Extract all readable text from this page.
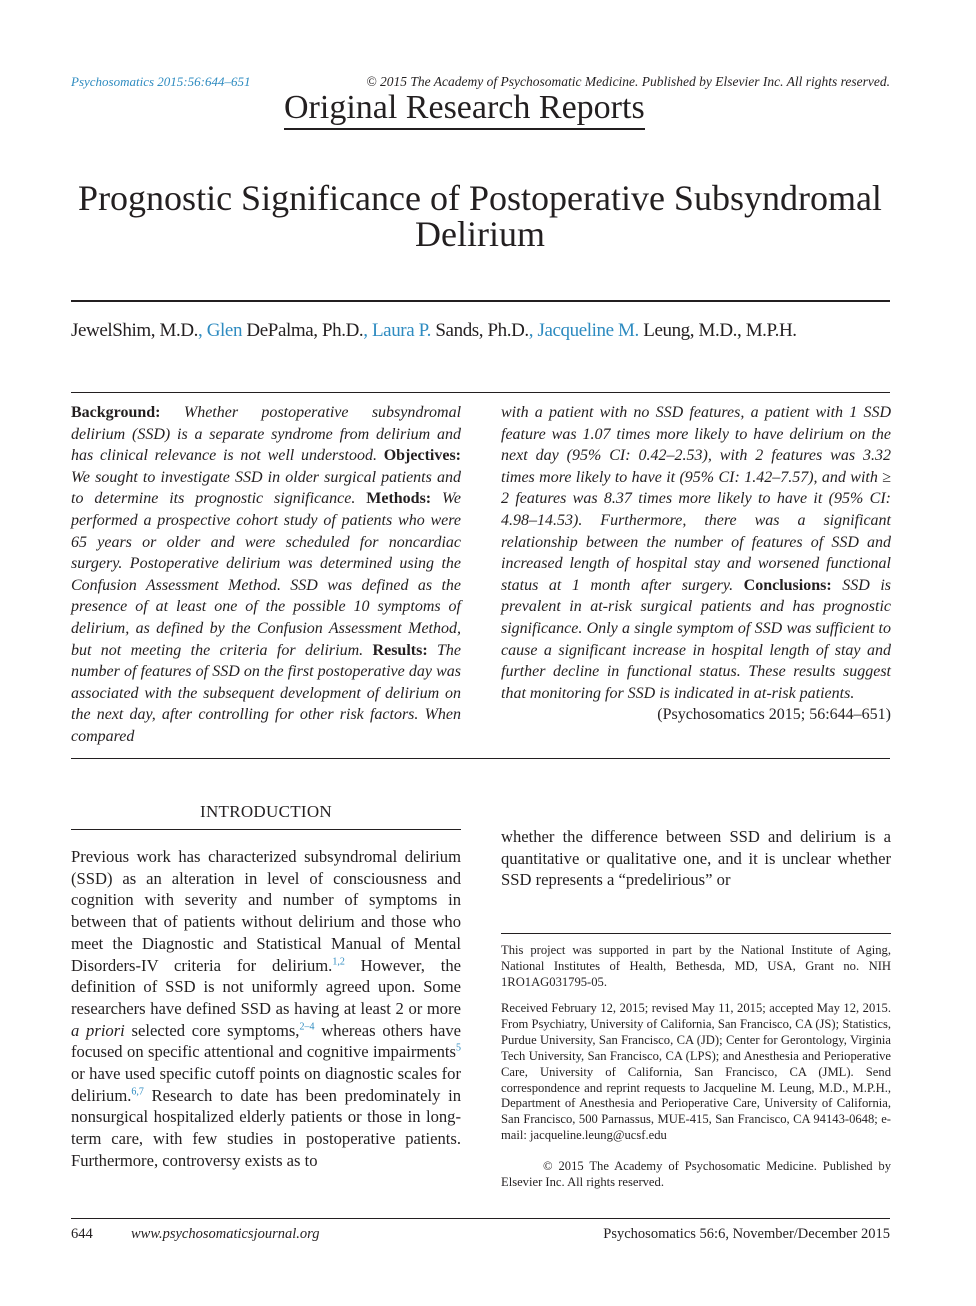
Psychosomatics 2015:56:644–651	© 2015 The Academy of Psychosomatic Medicine. Published by Elsevier Inc. All rights reserved.
Original Research Reports
Prognostic Significance of Postoperative Subsyndromal Delirium
JewelShim, M.D., Glen DePalma, Ph.D., Laura P. Sands, Ph.D., Jacqueline M. Leung, M.D., M.P.H.
Background: Whether postoperative subsyndromal delirium (SSD) is a separate syndrome from delirium and has clinical relevance is not well understood. Objectives: We sought to investigate SSD in older surgical patients and to determine its prognostic significance. Methods: We performed a prospective cohort study of patients who were 65 years or older and were scheduled for noncardiac surgery. Postoperative delirium was determined using the Confusion Assessment Method. SSD was defined as the presence of at least one of the possible 10 symptoms of delirium, as defined by the Confusion Assessment Method, but not meeting the criteria for delirium. Results: The number of features of SSD on the first postoperative day was associated with the subsequent development of delirium on the next day, after controlling for other risk factors. When compared
with a patient with no SSD features, a patient with 1 SSD feature was 1.07 times more likely to have delirium on the next day (95% CI: 0.42–2.53), with 2 features was 3.32 times more likely to have it (95% CI: 1.42–7.57), and with ≥ 2 features was 8.37 times more likely to have it (95% CI: 4.98–14.53). Furthermore, there was a significant relationship between the number of features of SSD and increased length of hospital stay and worsened functional status at 1 month after surgery. Conclusions: SSD is prevalent in at-risk surgical patients and has prognostic significance. Only a single symptom of SSD was sufficient to cause a significant increase in hospital length of stay and further decline in functional status. These results suggest that monitoring for SSD is indicated in at-risk patients.
(Psychosomatics 2015; 56:644–651)
INTRODUCTION
Previous work has characterized subsyndromal delirium (SSD) as an alteration in level of consciousness and cognition with severity and number of symptoms in between that of patients without delirium and those who meet the Diagnostic and Statistical Manual of Mental Disorders-IV criteria for delirium.$^{1,2}$ However, the definition of SSD is not uniformly agreed upon. Some researchers have defined SSD as having at least 2 or more a priori selected core symptoms,$^{2-4}$ whereas others have focused on specific attentional and cognitive impairments$^5$ or have used specific cutoff points on diagnostic scales for delirium.$^{6,7}$ Research to date has been predominately in nonsurgical hospitalized elderly patients or those in long-term care, with few studies in postoperative patients. Furthermore, controversy exists as to
whether the difference between SSD and delirium is a quantitative or qualitative one, and it is unclear whether SSD represents a “predelirious” or
This project was supported in part by the National Institute of Aging, National Institutes of Health, Bethesda, MD, USA, Grant no. NIH 1RO1AG031795-05.
Received February 12, 2015; revised May 11, 2015; accepted May 12, 2015. From Psychiatry, University of California, San Francisco, CA (JS); Statistics, Purdue University, San Francisco, CA (JD); Center for Gerontology, Virginia Tech University, San Francisco, CA (LPS); and Anesthesia and Perioperative Care, University of California, San Francisco, CA (JML). Send correspondence and reprint requests to Jacqueline M. Leung, M.D., M.P.H., Department of Anesthesia and Perioperative Care, University of California, San Francisco, 500 Parnassus, MUE-415, San Francisco, CA 94143-0648; e-mail: jacqueline.leung@ucsf.edu
© 2015 The Academy of Psychosomatic Medicine. Published by Elsevier Inc. All rights reserved.
644	www.psychosomaticsjournal.org	Psychosomatics 56:6, November/December 2015
